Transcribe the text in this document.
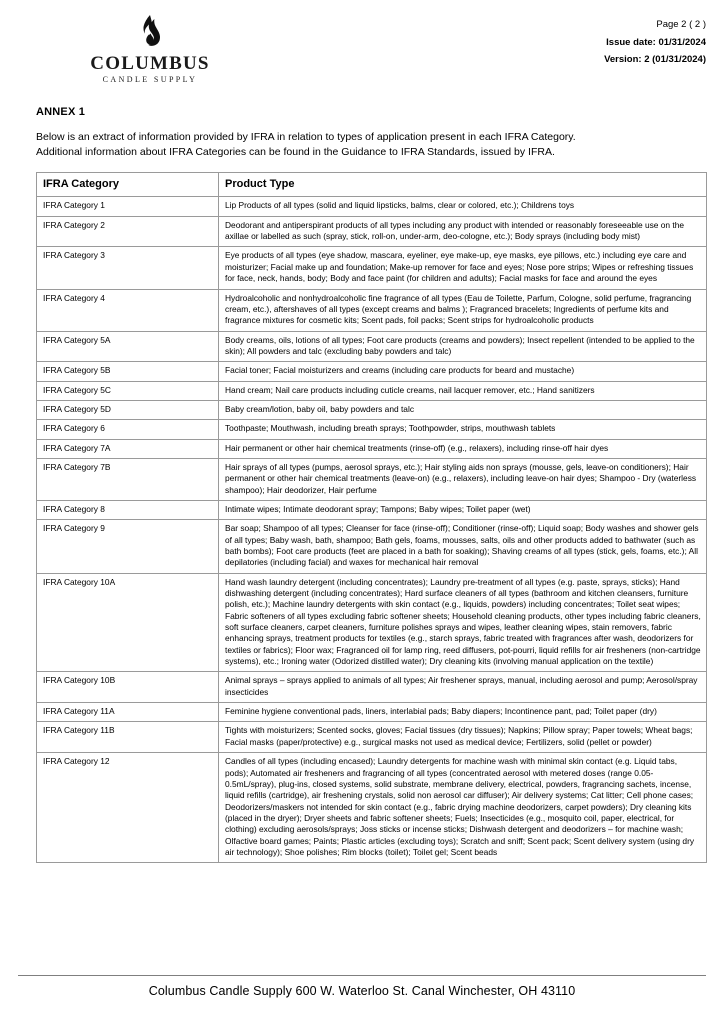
COLUMBUS
CANDLE SUPPLY
Page 2 ( 2 )
Issue date: 01/31/2024
Version: 2 (01/31/2024)
ANNEX 1
Below is an extract of information provided by IFRA in relation to types of application present in each IFRA Category.
Additional information about IFRA Categories can be found in the Guidance to IFRA Standards, issued by IFRA.
IFRA Category	Product Type
IFRA Category 1	Lip Products of all types (solid and liquid lipsticks, balms, clear or colored, etc.); Childrens toys
IFRA Category 2	Deodorant and antiperspirant products of all types including any product with intended or reasonably foreseeable use on the axillae or labelled as such (spray, stick, roll-on, under-arm, deo-cologne, etc.); Body sprays (including body mist)
IFRA Category 3	Eye products of all types (eye shadow, mascara, eyeliner, eye make-up, eye masks, eye pillows, etc.) including eye care and moisturizer; Facial make up and foundation; Make-up remover for face and eyes; Nose pore strips; Wipes or refreshing tissues for face, neck, hands, body; Body and face paint (for children and adults); Facial masks for face and around the eyes
IFRA Category 4	Hydroalcoholic and nonhydroalcoholic fine fragrance of all types (Eau de Toilette, Parfum, Cologne, solid perfume, fragrancing cream, etc.), aftershaves of all types (except creams and balms ); Fragranced bracelets; Ingredients of perfume kits and fragrance mixtures for cosmetic kits; Scent pads, foil packs; Scent strips for hydroalcoholic products
IFRA Category 5A	Body creams, oils, lotions of all types; Foot care products (creams and powders); Insect repellent (intended to be applied to the skin); All powders and talc (excluding baby powders and talc)
IFRA Category 5B	Facial toner; Facial moisturizers and creams (including care products for beard and mustache)
IFRA Category 5C	Hand cream; Nail care products including cuticle creams, nail lacquer remover, etc.; Hand sanitizers
IFRA Category 5D	Baby cream/lotion, baby oil, baby powders and talc
IFRA Category 6	Toothpaste; Mouthwash, including breath sprays; Toothpowder, strips, mouthwash tablets
IFRA Category 7A	Hair permanent or other hair chemical treatments (rinse-off) (e.g., relaxers), including rinse-off hair dyes
IFRA Category 7B	Hair sprays of all types (pumps, aerosol sprays, etc.); Hair styling aids non sprays (mousse, gels, leave-on conditioners); Hair permanent or other hair chemical treatments (leave-on) (e.g., relaxers), including leave-on hair dyes; Shampoo - Dry (waterless shampoo); Hair deodorizer, Hair perfume
IFRA Category 8	Intimate wipes; Intimate deodorant spray; Tampons; Baby wipes; Toilet paper (wet)
IFRA Category 9	Bar soap; Shampoo of all types; Cleanser for face (rinse-off); Conditioner (rinse-off); Liquid soap; Body washes and shower gels of all types; Baby wash, bath, shampoo; Bath gels, foams, mousses, salts, oils and other products added to bathwater (such as bath bombs); Foot care products (feet are placed in a bath for soaking); Shaving creams of all types (stick, gels, foams, etc.); All depilatories (including facial) and waxes for mechanical hair removal
IFRA Category 10A	Hand wash laundry detergent (including concentrates); Laundry pre-treatment of all types (e.g. paste, sprays, sticks); Hand dishwashing detergent (including concentrates); Hard surface cleaners of all types (bathroom and kitchen cleansers, furniture polish, etc.); Machine laundry detergents with skin contact (e.g., liquids, powders) including concentrates; Toilet seat wipes; Fabric softeners of all types excluding fabric softener sheets; Household cleaning products, other types including fabric cleaners, soft surface cleaners, carpet cleaners, furniture polishes sprays and wipes, leather cleaning wipes, stain removers, fabric enhancing sprays, treatment products for textiles (e.g., starch sprays, fabric treated with fragrances after wash, deodorizers for textiles or fabrics); Floor wax; Fragranced oil for lamp ring, reed diffusers, pot-pourri, liquid refills for air fresheners (non-cartridge systems), etc.; Ironing water (Odorized distilled water); Dry cleaning kits (involving manual application on the textile)
IFRA Category 10B	Animal sprays – sprays applied to animals of all types; Air freshener sprays, manual, including aerosol and pump; Aerosol/spray insecticides
IFRA Category 11A	Feminine hygiene conventional pads, liners, interlabial pads; Baby diapers; Incontinence pant, pad; Toilet paper (dry)
IFRA Category 11B	Tights with moisturizers; Scented socks, gloves; Facial tissues (dry tissues); Napkins; Pillow spray; Paper towels; Wheat bags; Facial masks (paper/protective) e.g., surgical masks not used as medical device; Fertilizers, solid (pellet or powder)
IFRA Category 12	Candles of all types (including encased); Laundry detergents for machine wash with minimal skin contact (e.g. Liquid tabs, pods); Automated air fresheners and fragrancing of all types (concentrated aerosol with metered doses (range 0.05-0.5mL/spray), plug-ins, closed systems, solid substrate, membrane delivery, electrical, powders, fragrancing sachets, incense, liquid refills (cartridge), air freshening crystals, solid non aerosol car diffuser); Air delivery systems; Cat litter; Cell phone cases; Deodorizers/maskers not intended for skin contact (e.g., fabric drying machine deodorizers, carpet powders); Dry cleaning kits (placed in the dryer); Dryer sheets and fabric softener sheets; Fuels; Insecticides (e.g., mosquito coil, paper, electrical, for clothing) excluding aerosols/sprays; Joss sticks or incense sticks; Dishwash detergent and deodorizers – for machine wash; Olfactive board games; Paints; Plastic articles (excluding toys); Scratch and sniff; Scent pack; Scent delivery system (using dry air technology); Shoe polishes; Rim blocks (toilet); Toilet gel; Scent beads
Columbus Candle Supply 600 W. Waterloo St. Canal Winchester, OH 43110
